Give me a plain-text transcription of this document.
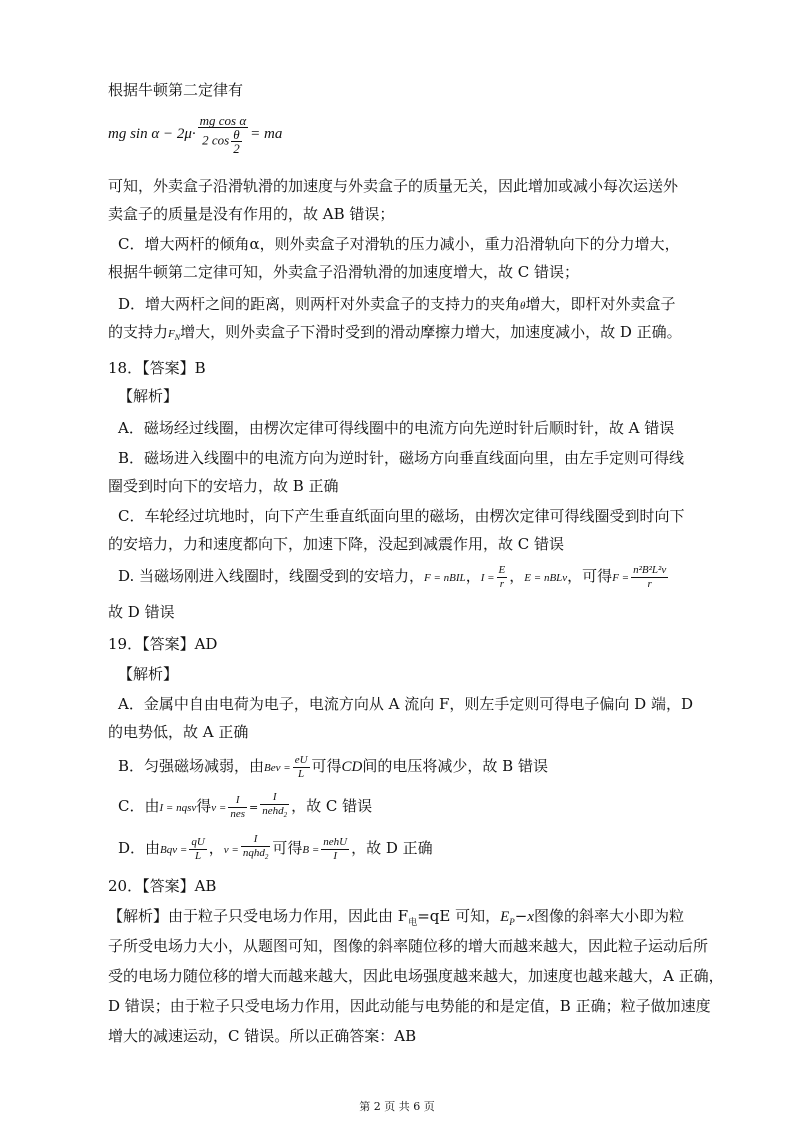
根据牛顿第二定律有
mg $\sin \alpha - 2\mu\cdot \frac{\text{mg cos α}}{2 \cos \frac{\theta}{2}}$ = ma
可知，外卖盒子沿滑轨滑的加速度与外卖盒子的质量无关，因此增加或减小每次运送外
卖盒子的质量是没有作用的，故 AB 错误；
C．增大两杆的倾角α，则外卖盒子对滑轨的压力减小，重力沿滑轨向下的分力增大，
根据牛顿第二定律可知，外卖盒子沿滑轨滑的加速度增大，故 C 错误；
D．增大两杆之间的距离，则两杆对外卖盒子的支持力的夹角θ增大，即杆对外卖盒子
的支持力$F_N$增大，则外卖盒子下滑时受到的滑动摩擦力增大，加速度减小，故 D 正确。
18．【答案】B
【解析】
A．磁场经过线圈，由楞次定律可得线圈中的电流方向先逆时针后顺时针，故 A 错误
B．磁场进入线圈中的电流方向为逆时针，磁场方向垂直线面向里，由左手定则可得线
圈受到时向下的安培力，故 B 正确
C．车轮经过坑地时，向下产生垂直纸面向里的磁场，由楞次定律可得线圈受到时向下
的安培力，力和速度都向下，加速下降，没起到减震作用，故 C 错误
D. 当磁场刚进入线圈时，线圈受到的安培力，F = nBIL，$I = \frac{E}{r}$ ，E = nBLv，可得$F = \frac{\text{n²B²L²v}}{r}$
故 D 错误
19．【答案】AD
【解析】
A．金属中自由电荷为电子，电流方向从 A 流向 F，则左手定则可得电子偏向 D 端，D
的电势低，故 A 正确
B．匀强磁场减弱，由Bev = $\frac{eU}{L}$ 可得CD间的电压将减少，故 B 错误
C．由I = nqsv得$v = \frac{I}{\text{nes}} = \frac{I}{nehd_2}$ ，故 C 错误
D．由Bqv = $\frac{qU}{L}$ ，$v = \frac{I}{nqhd_2}$ 可得$B = \frac{\text{nehU}}{I}$ ，故 D 正确
20．【答案】AB
【解析】由于粒子只受电场力作用，因此由 $F_电=qE$ 可知，$E_P-x$图像的斜率大小即为粒
子所受电场力大小，从题图可知，图像的斜率随位移的增大而越来越大，因此粒子运动后所
受的电场力随位移的增大而越来越大，因此电场强度越来越大，加速度也越来越大，A 正确，
D 错误；由于粒子只受电场力作用，因此动能与电势能的和是定值，B 正确；粒子做加速度
增大的减速运动，C 错误。所以正确答案：AB
第 2 页 共 6 页
